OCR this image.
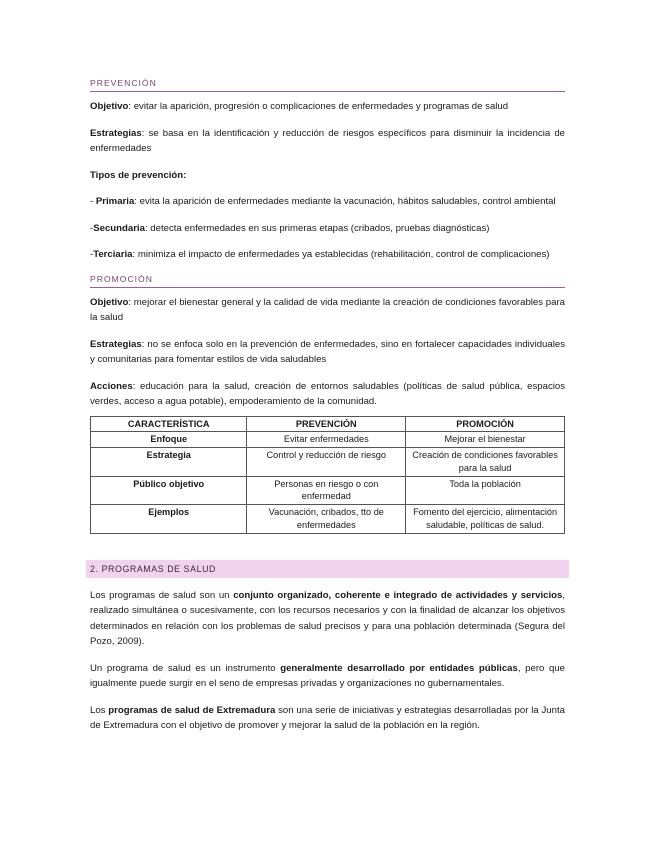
PREVENCIÓN

Objetivo: evitar la aparición, progresión o complicaciones de enfermedades y programas de salud

Estrategias: se basa en la identificación y reducción de riesgos específicos para disminuir la incidencia de enfermedades

Tipos de prevención:

- Primaria: evita la aparición de enfermedades mediante la vacunación, hábitos saludables, control ambiental

-Secundaria: detecta enfermedades en sus primeras etapas (cribados, pruebas diagnósticas)

-Terciaria: minimiza el impacto de enfermedades ya establecidas (rehabilitación, control de complicaciones)

PROMOCIÓN

Objetivo: mejorar el bienestar general y la calidad de vida mediante la creación de condiciones favorables para la salud

Estrategias: no se enfoca solo en la prevención de enfermedades, sino en fortalecer capacidades individuales y comunitarias para fomentar estilos de vida saludables

Acciones: educación para la salud, creación de entornos saludables (políticas de salud pública, espacios verdes, acceso a agua potable), empoderamiento de la comunidad.

CARACTERÍSTICA	PREVENCIÓN	PROMOCIÓN
Enfoque	Evitar enfermedades	Mejorar el bienestar
Estrategia	Control y reducción de riesgo	Creación de condiciones favorables para la salud
Público objetivo	Personas en riesgo o con enfermedad	Toda la población
Ejemplos	Vacunación, cribados, tto de enfermedades	Fomento del ejercicio, alimentación saludable, políticas de salud.
2. PROGRAMAS DE SALUD

Los programas de salud son un conjunto organizado, coherente e integrado de actividades y servicios, realizado simultánea o sucesivamente, con los recursos necesarios y con la finalidad de alcanzar los objetivos determinados en relación con los problemas de salud precisos y para una población determinada (Segura del Pozo, 2009).

Un programa de salud es un instrumento generalmente desarrollado por entidades públicas, pero que igualmente puede surgir en el seno de empresas privadas y organizaciones no gubernamentales.

Los programas de salud de Extremadura son una serie de iniciativas y estrategias desarrolladas por la Junta de Extremadura con el objetivo de promover y mejorar la salud de la población en la región.
